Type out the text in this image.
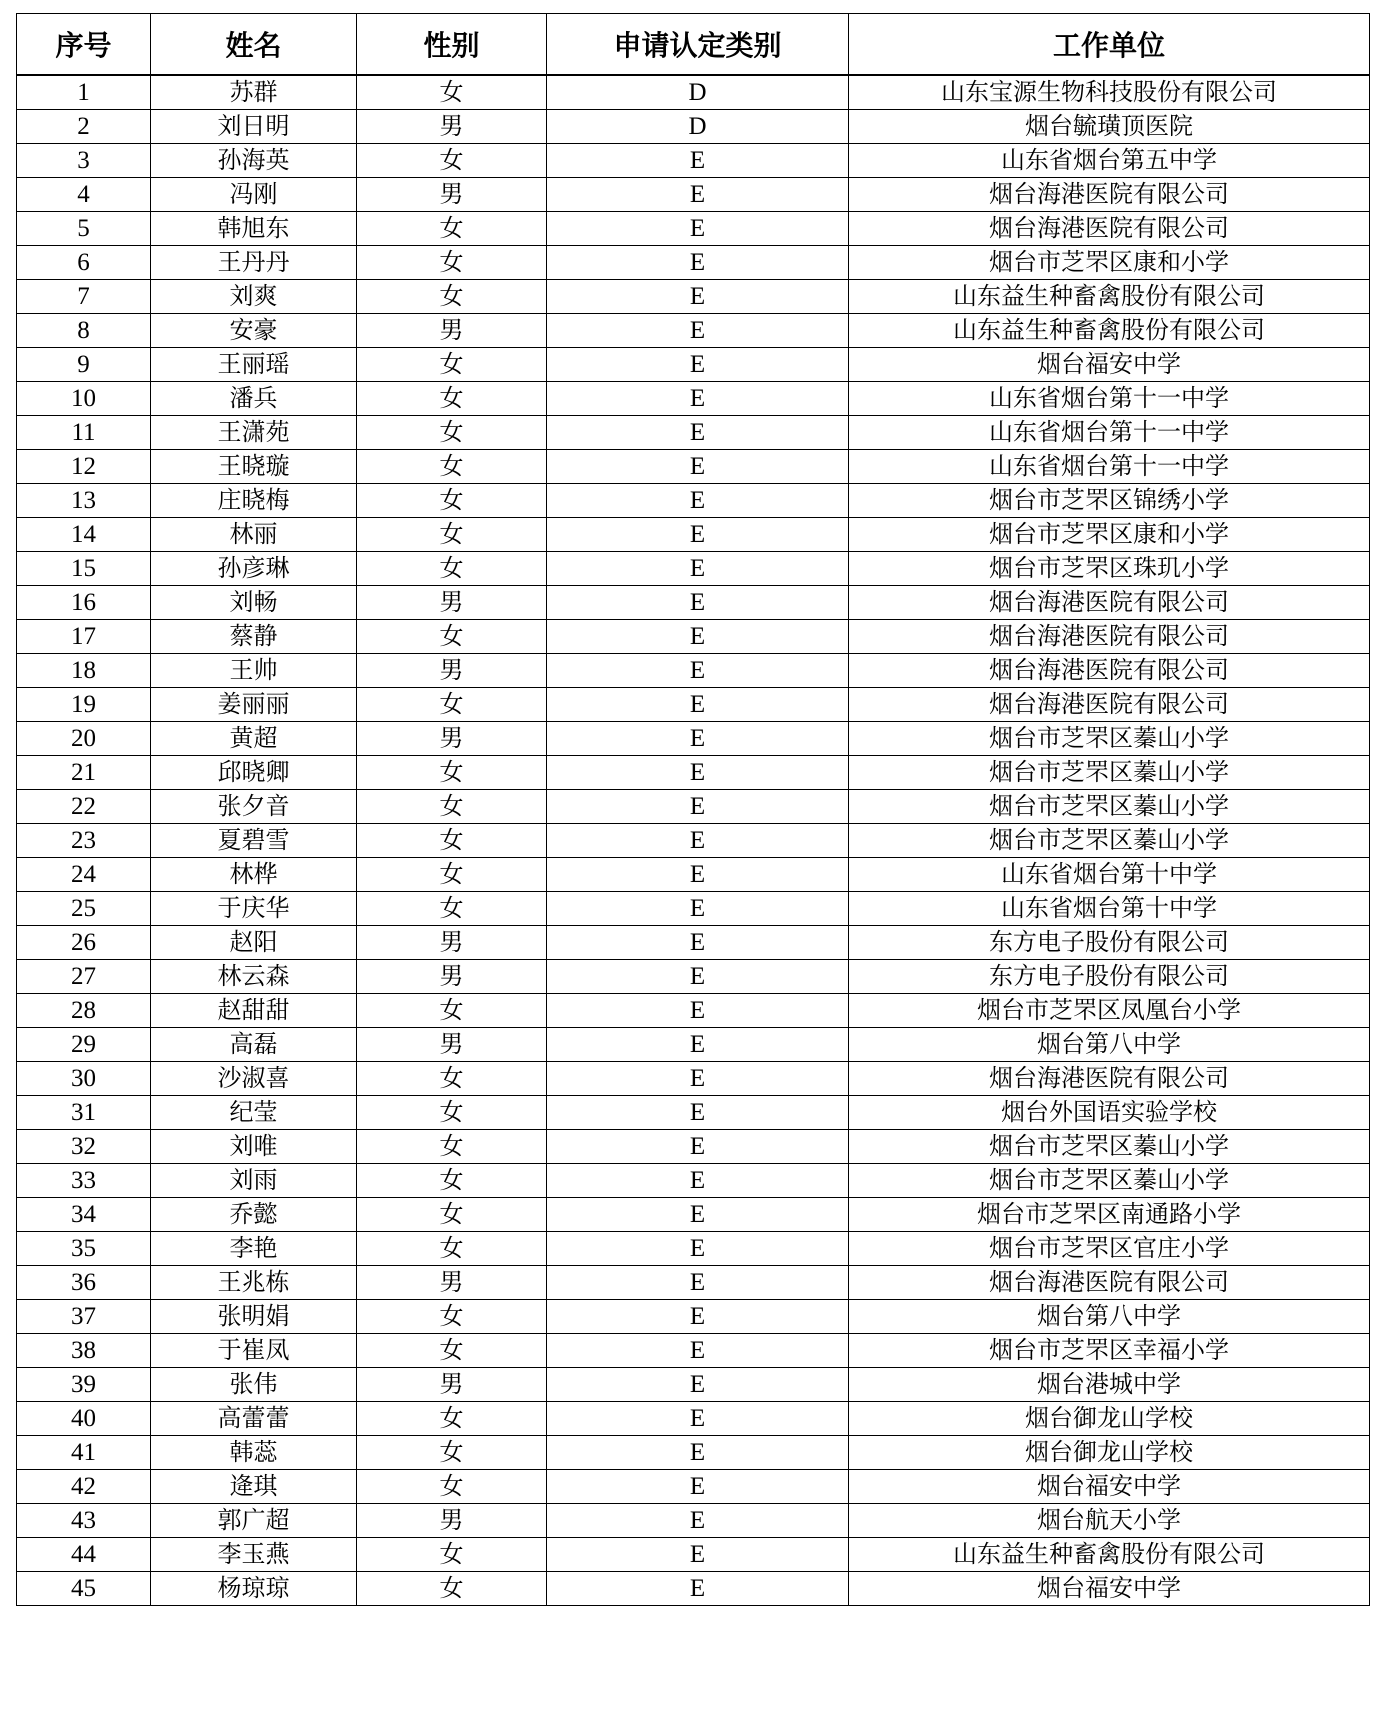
序号	姓名	性别	申请认定类别	工作单位
1	苏群	女	D	山东宝源生物科技股份有限公司
2	刘日明	男	D	烟台毓璜顶医院
3	孙海英	女	E	山东省烟台第五中学
4	冯刚	男	E	烟台海港医院有限公司
5	韩旭东	女	E	烟台海港医院有限公司
6	王丹丹	女	E	烟台市芝罘区康和小学
7	刘爽	女	E	山东益生种畜禽股份有限公司
8	安豪	男	E	山东益生种畜禽股份有限公司
9	王丽瑶	女	E	烟台福安中学
10	潘兵	女	E	山东省烟台第十一中学
11	王潇苑	女	E	山东省烟台第十一中学
12	王晓璇	女	E	山东省烟台第十一中学
13	庄晓梅	女	E	烟台市芝罘区锦绣小学
14	林丽	女	E	烟台市芝罘区康和小学
15	孙彦琳	女	E	烟台市芝罘区珠玑小学
16	刘畅	男	E	烟台海港医院有限公司
17	蔡静	女	E	烟台海港医院有限公司
18	王帅	男	E	烟台海港医院有限公司
19	姜丽丽	女	E	烟台海港医院有限公司
20	黄超	男	E	烟台市芝罘区蓁山小学
21	邱晓卿	女	E	烟台市芝罘区蓁山小学
22	张夕音	女	E	烟台市芝罘区蓁山小学
23	夏碧雪	女	E	烟台市芝罘区蓁山小学
24	林桦	女	E	山东省烟台第十中学
25	于庆华	女	E	山东省烟台第十中学
26	赵阳	男	E	东方电子股份有限公司
27	林云森	男	E	东方电子股份有限公司
28	赵甜甜	女	E	烟台市芝罘区凤凰台小学
29	高磊	男	E	烟台第八中学
30	沙淑喜	女	E	烟台海港医院有限公司
31	纪莹	女	E	烟台外国语实验学校
32	刘唯	女	E	烟台市芝罘区蓁山小学
33	刘雨	女	E	烟台市芝罘区蓁山小学
34	乔懿	女	E	烟台市芝罘区南通路小学
35	李艳	女	E	烟台市芝罘区官庄小学
36	王兆栋	男	E	烟台海港医院有限公司
37	张明娟	女	E	烟台第八中学
38	于崔凤	女	E	烟台市芝罘区幸福小学
39	张伟	男	E	烟台港城中学
40	高蕾蕾	女	E	烟台御龙山学校
41	韩蕊	女	E	烟台御龙山学校
42	逄琪	女	E	烟台福安中学
43	郭广超	男	E	烟台航天小学
44	李玉燕	女	E	山东益生种畜禽股份有限公司
45	杨琼琼	女	E	烟台福安中学
